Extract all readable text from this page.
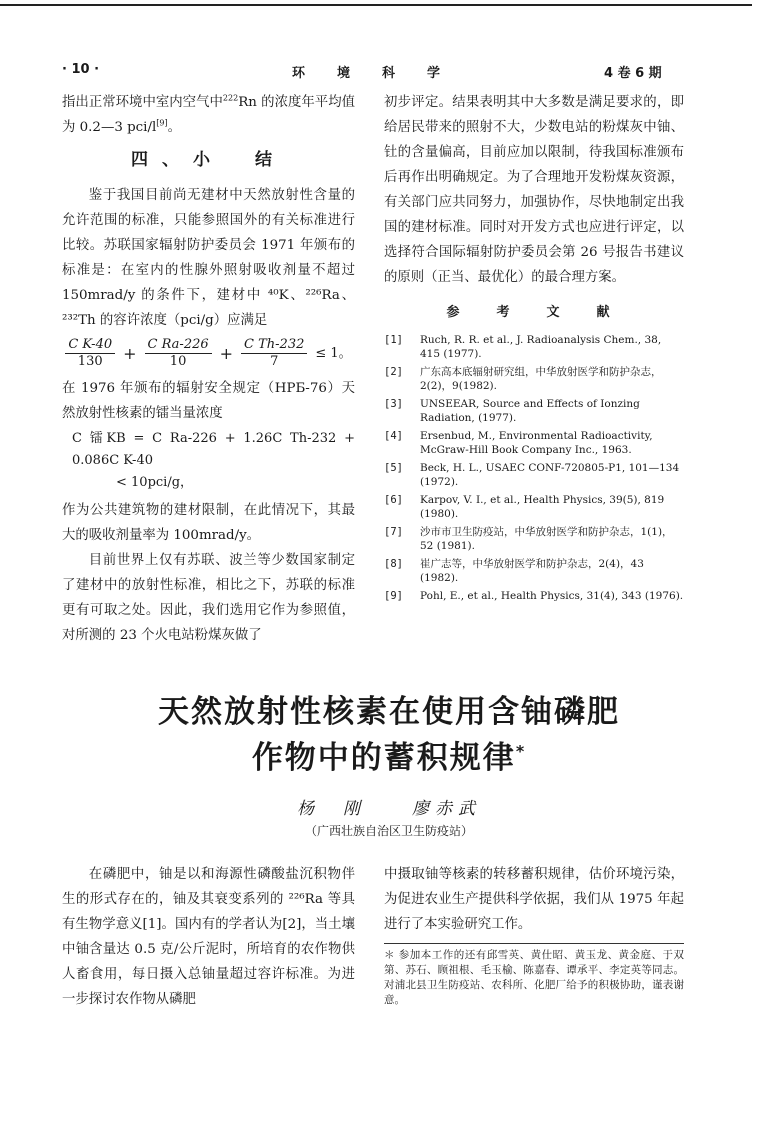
· 10 ·	环　　境　　科　　学	4 卷 6 期

指出正常环境中室内空气中$^{222}$Rn 的浓度年平均值为 0.2—3 pci/l[9]。

四、小　结

鉴于我国目前尚无建材中天然放射性含量的允许范围的标准，只能参照国外的有关标准进行比较。苏联国家辐射防护委员会 1971 年颁布的标准是：在室内的性腺外照射吸收剂量不超过 150mrad/y 的条件下，建材中 ⁴⁰K、²²⁶Ra、²³²Th 的容许浓度（pci/g）应满足

$\frac{\text{C K-40}}{130} + \frac{\text{C Ra-226}}{10} + \frac{\text{C Th-232}}{7} \le 1$。

在 1976 年颁布的辐射安全规定（НРБ-76）天然放射性核素的镭当量浓度

C 镭KB = C Ra-226 + 1.26C Th-232 + 0.086C K-40
< 10pci/g，

作为公共建筑物的建材限制，在此情况下，其最大的吸收剂量率为 100mrad/y。

目前世界上仅有苏联、波兰等少数国家制定了建材中的放射性标准，相比之下，苏联的标准更有可取之处。因此，我们选用它作为参照值，对所测的 23 个火电站粉煤灰做了

初步评定。结果表明其中大多数是满足要求的，即给居民带来的照射不大，少数电站的粉煤灰中铀、钍的含量偏高，目前应加以限制，待我国标准颁布后再作出明确规定。为了合理地开发粉煤灰资源，有关部门应共同努力，加强协作，尽快地制定出我国的建材标准。同时对开发方式也应进行评定，以选择符合国际辐射防护委员会第 26 号报告书建议的原则（正当、最优化）的最合理方案。

参　考　文　献
[1]	Ruch, R. R. et al., J. Radioanalysis Chem., 38, 415 (1977).
[2]	广东高本底辐射研究组，中华放射医学和防护杂志，2(2)，9(1982).
[3]	UNSEEAR, Source and Effects of Ionzing Radiation, (1977).
[4]	Ersenbud, M., Environmental Radioactivity, McGraw-Hill Book Company Inc., 1963.
[5]	Beck, H. L., USAEC CONF-720805-P1, 101—134 (1972).
[6]	Karpov, V. I., et al., Health Physics, 39(5), 819 (1980).
[7]	沙市市卫生防疫站，中华放射医学和防护杂志，1(1)，52 (1981).
[8]	崔广志等，中华放射医学和防护杂志，2(4)，43 (1982).
[9]	Pohl, E., et al., Health Physics, 31(4), 343 (1976).
天然放射性核素在使用含铀磷肥
作物中的蓄积规律*
杨　刚　　廖赤武
（广西壮族自治区卫生防疫站）

在磷肥中，铀是以和海源性磷酸盐沉积物伴生的形式存在的，铀及其衰变系列的 ²²⁶Ra 等具有生物学意义[1]。国内有的学者认为[2]，当土壤中铀含量达 0.5 克/公斤泥时，所培育的农作物供人畜食用，每日摄入总铀量超过容许标准。为进一步探讨农作物从磷肥

中摄取铀等核素的转移蓄积规律，估价环境污染，为促进农业生产提供科学依据，我们从 1975 年起进行了本实验研究工作。

＊ 参加本工作的还有邱雪英、黄仕昭、黄玉龙、黄金庭、于双第、苏石、顾祖根、毛玉榆、陈嘉春、谭承平、李定英等同志。对浦北县卫生防疫站、农科所、化肥厂给予的积极协助，谨表谢意。
